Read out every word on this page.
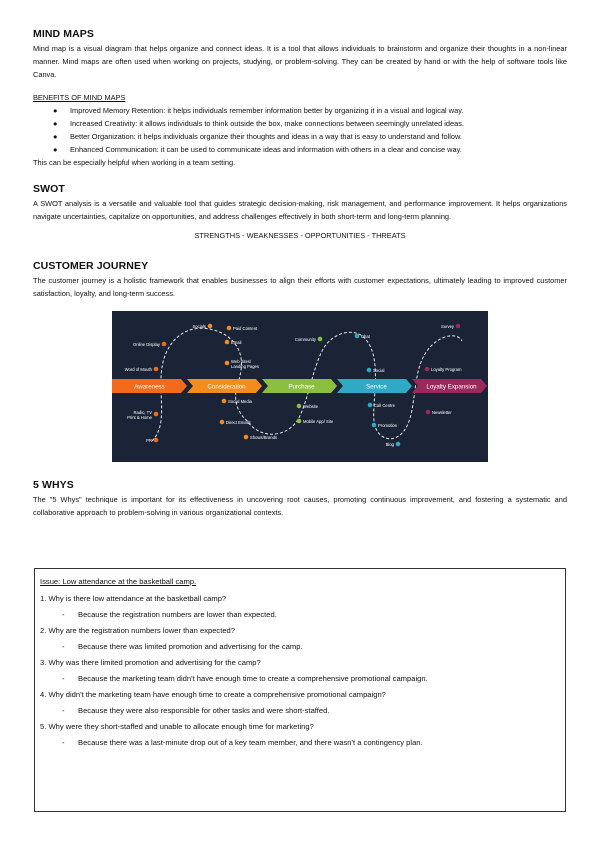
MIND MAPS

Mind map is a visual diagram that helps organize and connect ideas. It is a tool that allows individuals to brainstorm and organize their thoughts in a non-linear manner. Mind maps are often used when working on projects, studying, or problem-solving. They can be created by hand or with the help of software tools like Canva.

BENEFITS OF MIND MAPS

● Improved Memory Retention: it helps individuals remember information better by organizing it in a visual and logical way.
● Increased Creativity: it allows individuals to think outside the box, make connections between seemingly unrelated ideas.
● Better Organization: it helps individuals organize their thoughts and ideas in a way that is easy to understand and follow.
● Enhanced Communication: it can be used to communicate ideas and information with others in a clear and concise way.

This can be especially helpful when working in a team setting.

SWOT

A SWOT analysis is a versatile and valuable tool that guides strategic decision-making, risk management, and performance improvement. It helps organizations navigate uncertainties, capitalize on opportunities, and address challenges effectively in both short-term and long-term planning.

STRENGTHS - WEAKNESSES - OPPORTUNITIES - THREATS

CUSTOMER JOURNEY

The customer journey is a holistic framework that enables businesses to align their efforts with customer expectations, ultimately leading to improved customer satisfaction, loyalty, and long-term success.

Awareness	Consideration	Purchase	Service	Loyalty Expansion
Online Display
Word of Mouth
Radio, TV Print & Home
PR
Socials	Paid Content
Email
Web Sites/ Landing Pages
Social Media
Direct Emails
Shows/Brands
Community
Website
Mobile App/ Site
Chat
Social
Call Centre
Promotion
Blog
Survey
Loyalty Program
Newsletter
5 WHYS

The "5 Whys" technique is important for its effectiveness in uncovering root causes, promoting continuous improvement, and fostering a systematic and collaborative approach to problem-solving in various organizational contexts.

Issue: Low attendance at the basketball camp.
1. Why is there low attendance at the basketball camp?
- Because the registration numbers are lower than expected.
2. Why are the registration numbers lower than expected?
- Because there was limited promotion and advertising for the camp.
3. Why was there limited promotion and advertising for the camp?
- Because the marketing team didn't have enough time to create a comprehensive promotional campaign.
4. Why didn't the marketing team have enough time to create a comprehensive promotional campaign?
- Because they were also responsible for other tasks and were short-staffed.
5. Why were they short-staffed and unable to allocate enough time for marketing?
- Because there was a last-minute drop out of a key team member, and there wasn't a contingency plan.
